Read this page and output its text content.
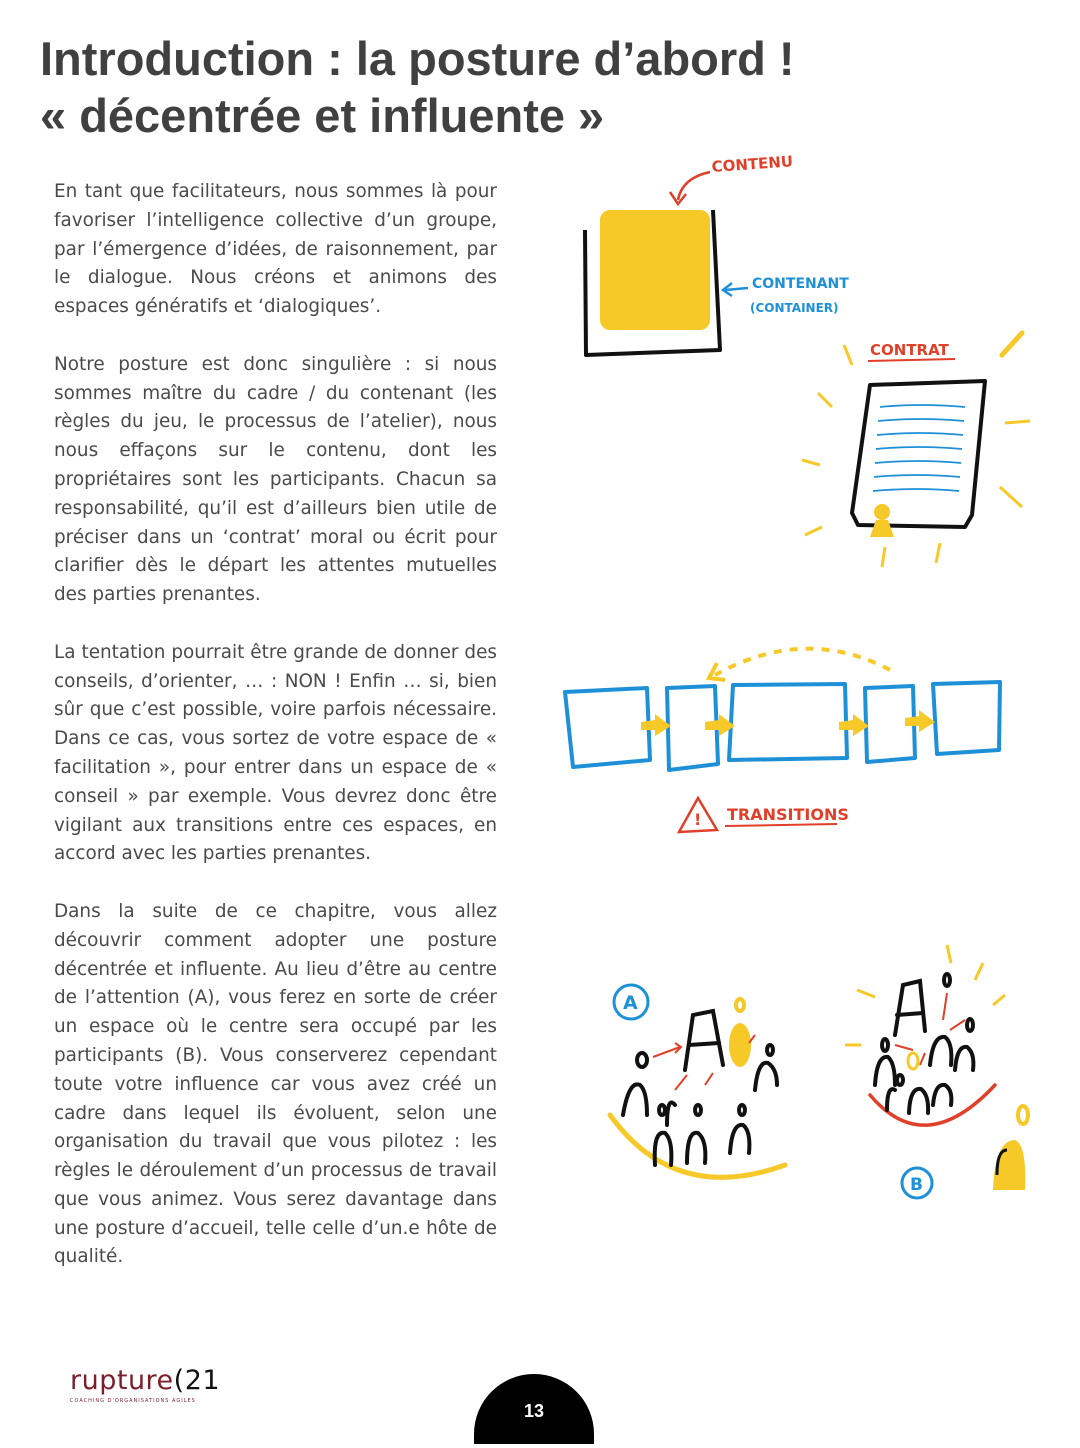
Introduction : la posture d’abord !
« décentrée et influente »

En tant que facilitateurs, nous sommes là pour favoriser l’intelligence collective d’un groupe, par l’émergence d’idées, de raisonnement, par le dialogue. Nous créons et animons des espaces génératifs et ‘dialogiques’.

Notre posture est donc singulière : si nous sommes maître du cadre / du contenant (les règles du jeu, le processus de l’atelier), nous nous effaçons sur le contenu, dont les propriétaires sont les participants. Chacun sa responsabilité, qu’il est d’ailleurs bien utile de préciser dans un ‘contrat’ moral ou écrit pour clarifier dès le départ les attentes mutuelles des parties prenantes.

La tentation pourrait être grande de donner des conseils, d’orienter, … : NON ! Enfin … si, bien sûr que c’est possible, voire parfois nécessaire. Dans ce cas, vous sortez de votre espace de « facilitation », pour entrer dans un espace de « conseil » par exemple. Vous devrez donc être vigilant aux transitions entre ces espaces, en accord avec les parties prenantes.

Dans la suite de ce chapitre, vous allez découvrir comment adopter une posture décentrée et influente. Au lieu d’être au centre de l’attention (A), vous ferez en sorte de créer un espace où le centre sera occupé par les participants (B). Vous conserverez cependant toute votre influence car vous avez créé un cadre dans lequel ils évoluent, selon une organisation du travail que vous pilotez : les règles le déroulement d’un processus de travail que vous animez. Vous serez davantage dans une posture d’accueil, telle celle d’un.e hôte de qualité.

CONTENU
CONTENANT
(CONTAINER)
CONTRAT
! TRANSITIONS
A
B
rupture(21
COACHING D'ORGANISATIONS AGILES	13
